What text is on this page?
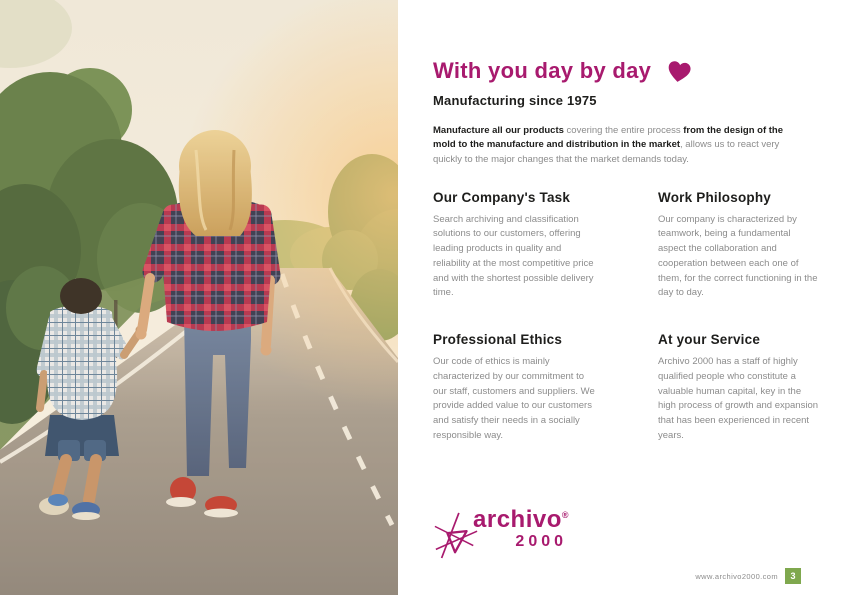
With you day by day
Manufacturing since 1975

Manufacture all our products covering the entire process from the design of the mold to the manufacture and distribution in the market, allows us to react very quickly to the major changes that the market demands today.

Our Company's Task

Search archiving and classification solutions to our customers, offering leading products in quality and reliability at the most competitive price and with the shortest possible delivery time.

Work Philosophy

Our company is characterized by teamwork, being a fundamental aspect the collaboration and cooperation between each one of them, for the correct functioning in the day to day.

Professional Ethics

Our code of ethics is mainly characterized by our commitment to our staff, customers and suppliers. We provide added value to our customers and satisfy their needs in a socially responsible way.

At your Service

Archivo 2000 has a staff of highly qualified people who constitute a valuable human capital, key in the high process of growth and expansion that has been experienced in recent years.

archivo®
2000
www.archivo2000.com	3
